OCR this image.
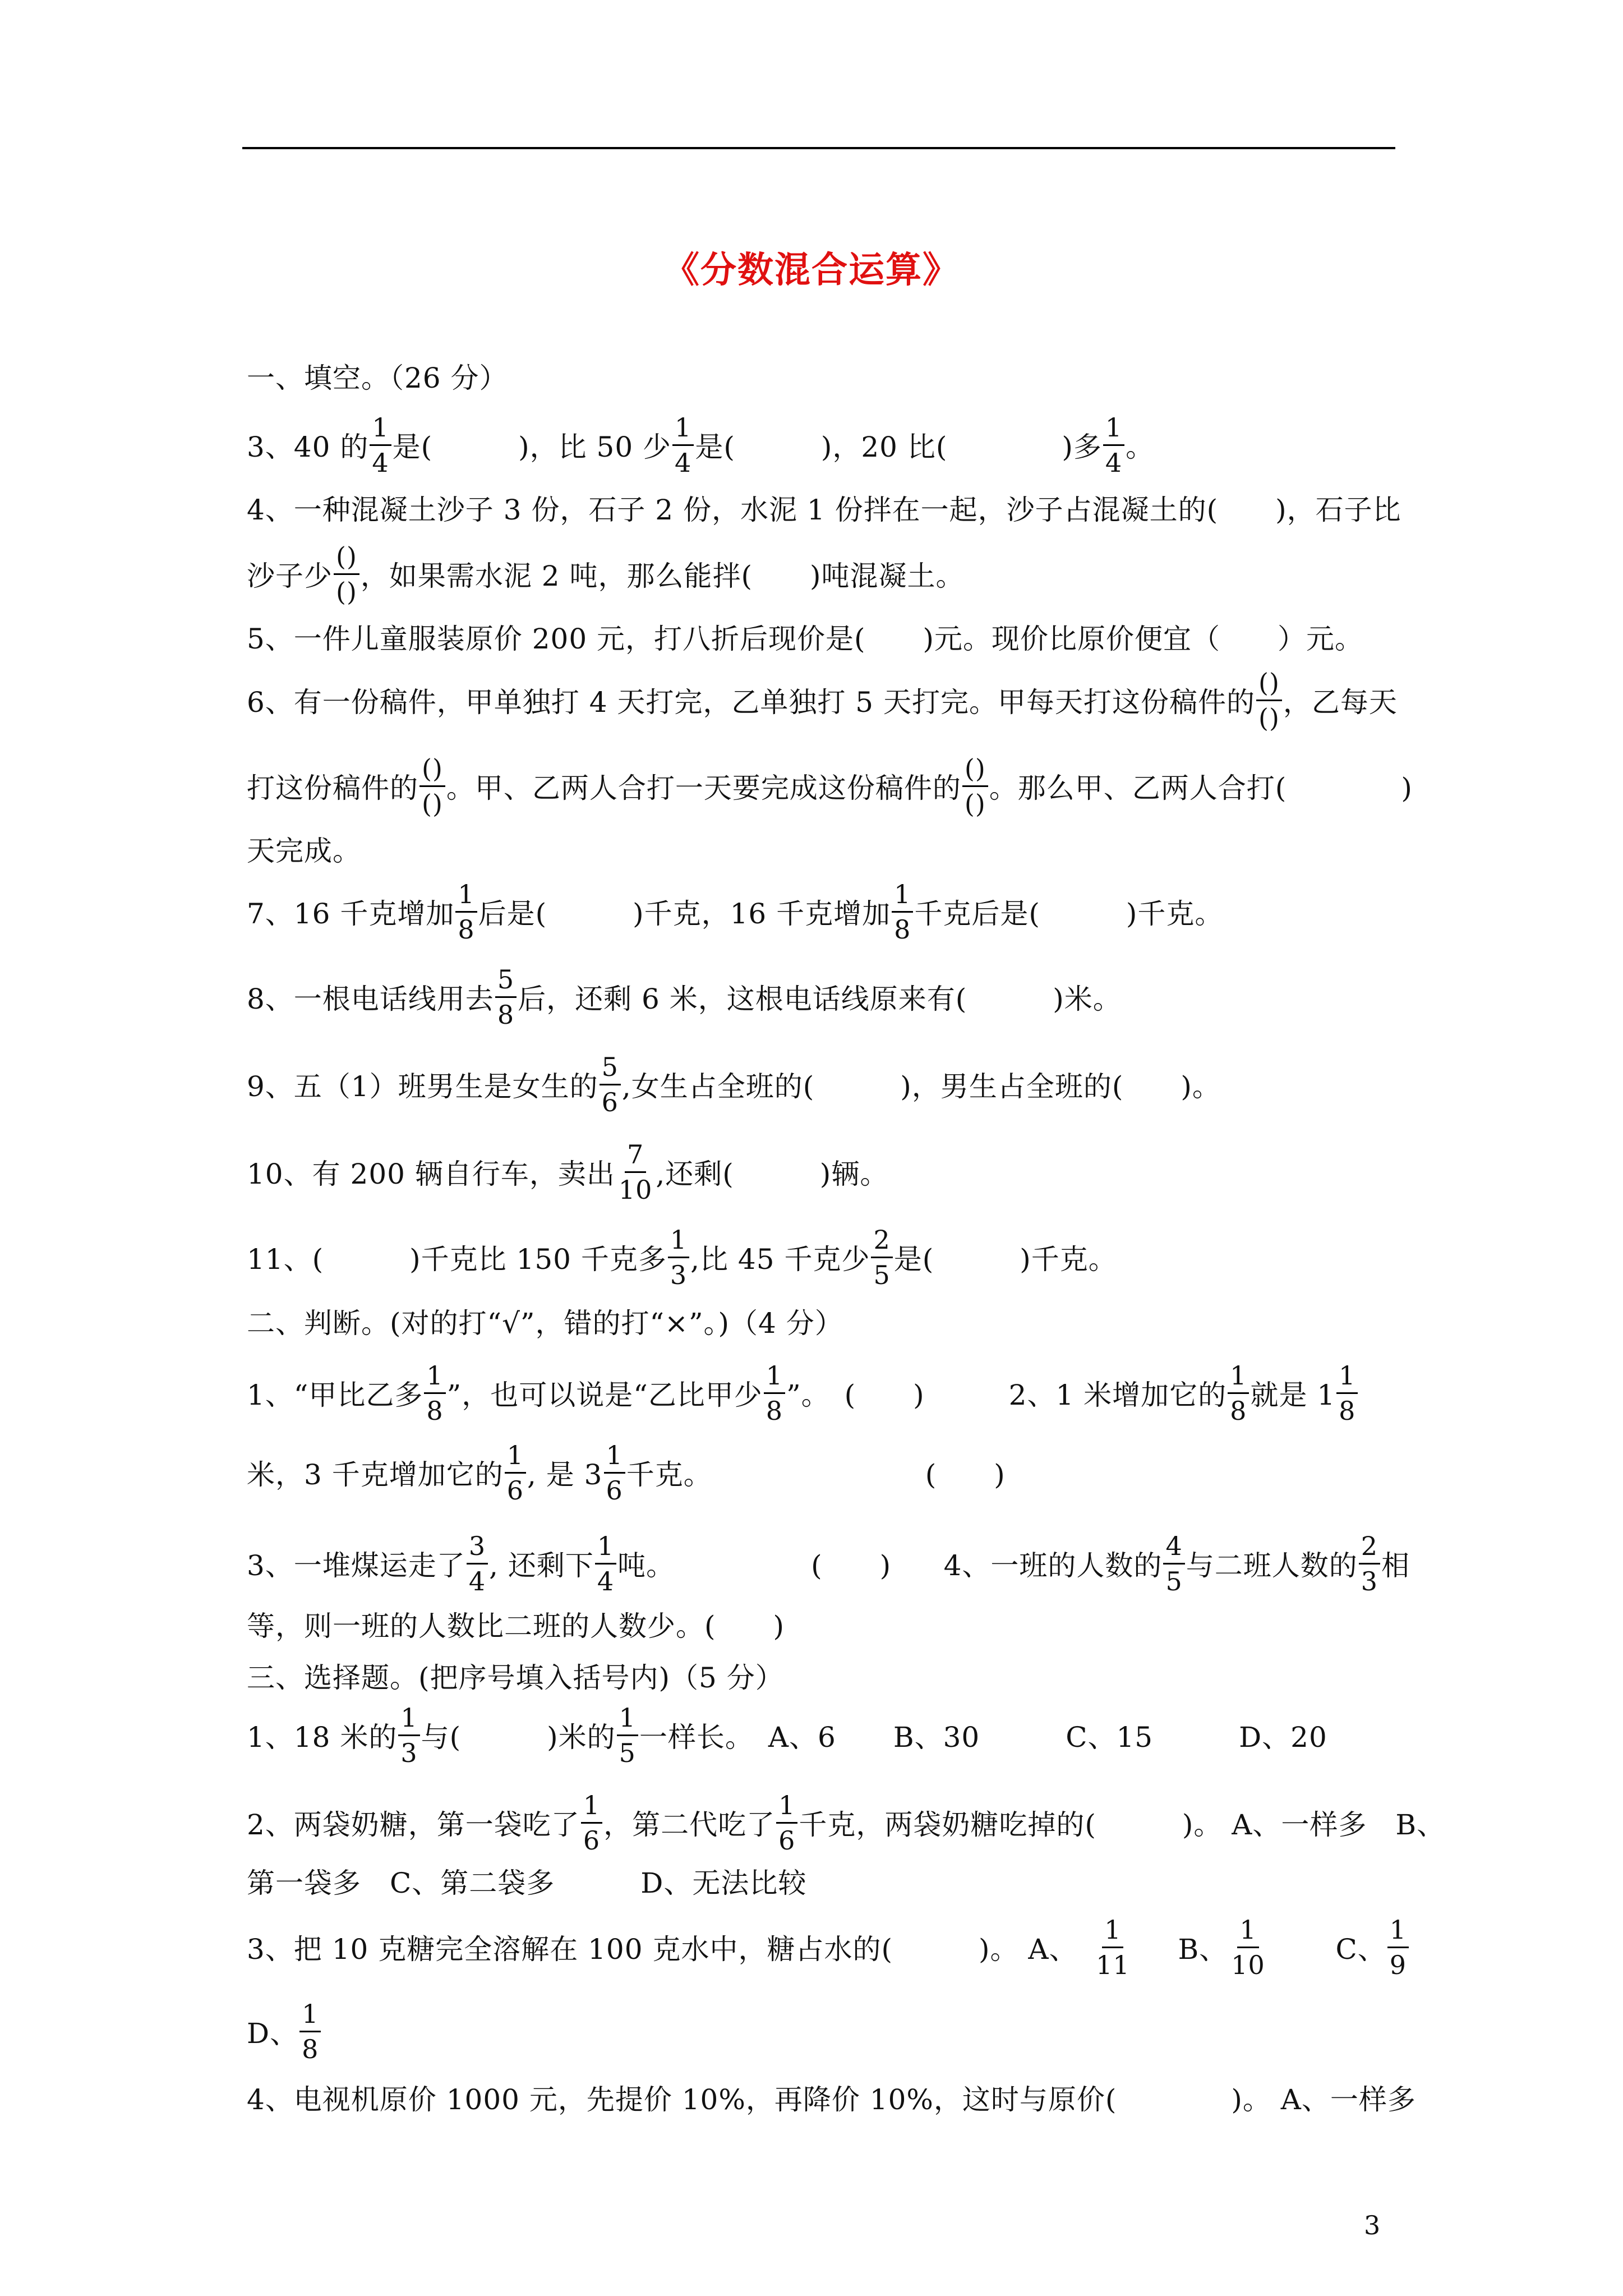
《分数混合运算》
一、填空。（26 分）
3、40 的 $\frac{1}{4}$ 是(　　　)，比 50 少 $\frac{1}{4}$ 是(　　　)，20 比(　　　　)多 $\frac{1}{4}$ 。
4、一种混凝土沙子 3 份，石子 2 份，水泥 1 份拌在一起，沙子占混凝土的(　　)，石子比
沙子少 $\frac{()}{()}$ ，如果需水泥 2 吨，那么能拌(　　)吨混凝土。
5、一件儿童服装原价 200 元，打八折后现价是(　　)元。现价比原价便宜（　　）元。
6、有一份稿件，甲单独打 4 天打完，乙单独打 5 天打完。甲每天打这份稿件的 $\frac{()}{()}$ ，乙每天
打这份稿件的 $\frac{()}{()}$ 。甲、乙两人合打一天要完成这份稿件的 $\frac{()}{()}$ 。那么甲、乙两人合打(　　　　)
天完成。
7、16 千克增加 $\frac{1}{8}$ 后是(　　　)千克，16 千克增加 $\frac{1}{8}$ 千克后是(　　　)千克。
8、一根电话线用去 $\frac{5}{8}$ 后，还剩 6 米，这根电话线原来有(　　　)米。
9、五（1）班男生是女生的 $\frac{5}{6}$ ,女生占全班的(　　　)，男生占全班的(　　)。
10、有 200 辆自行车，卖出 $\frac{7}{10}$ ,还剩(　　　)辆。
11、(　　　)千克比 150 千克多 $\frac{1}{3}$ ,比 45 千克少 $\frac{2}{5}$ 是(　　　)千克。
二、判断。(对的打“√”，错的打“×”。)（4 分）
1、“甲比乙多 $\frac{1}{8}$ ”，也可以说是“乙比甲少 $\frac{1}{8}$ ”。　(　　)	2、1 米增加它的 $\frac{1}{8}$ 就是 $1 \frac{1}{8}$
米，3 千克增加它的 $\frac{1}{6}$ , 是 $3 \frac{1}{6}$ 千克。	(　　)
3、一堆煤运走了 $\frac{3}{4}$ , 还剩下 $\frac{1}{4}$ 吨。	(　　) 4、一班的人数的 $\frac{4}{5}$ 与二班人数的 $\frac{2}{3}$ 相
等，则一班的人数比二班的人数少。(　　)
三、选择题。(把序号填入括号内)（5 分）
1、18 米的 $\frac{1}{3}$ 与(　　　)米的 $\frac{1}{5}$ 一样长。　A、6　　B、30　　　C、15　　　D、20
2、两袋奶糖，第一袋吃了 $\frac{1}{6}$ ，第二代吃了 $\frac{1}{6}$ 千克，两袋奶糖吃掉的(　　　)。 A、一样多　B、
第一袋多　C、第二袋多　　　D、无法比较
3、把 10 克糖完全溶解在 100 克水中，糖占水的(　　　)。 A、 $\frac{1}{11}$ B、 $\frac{1}{10}$ C、 $\frac{1}{9}$
D、 $\frac{1}{8}$
4、电视机原价 1000 元，先提价 10%，再降价 10%，这时与原价(　　　　)。 A、一样多
3
